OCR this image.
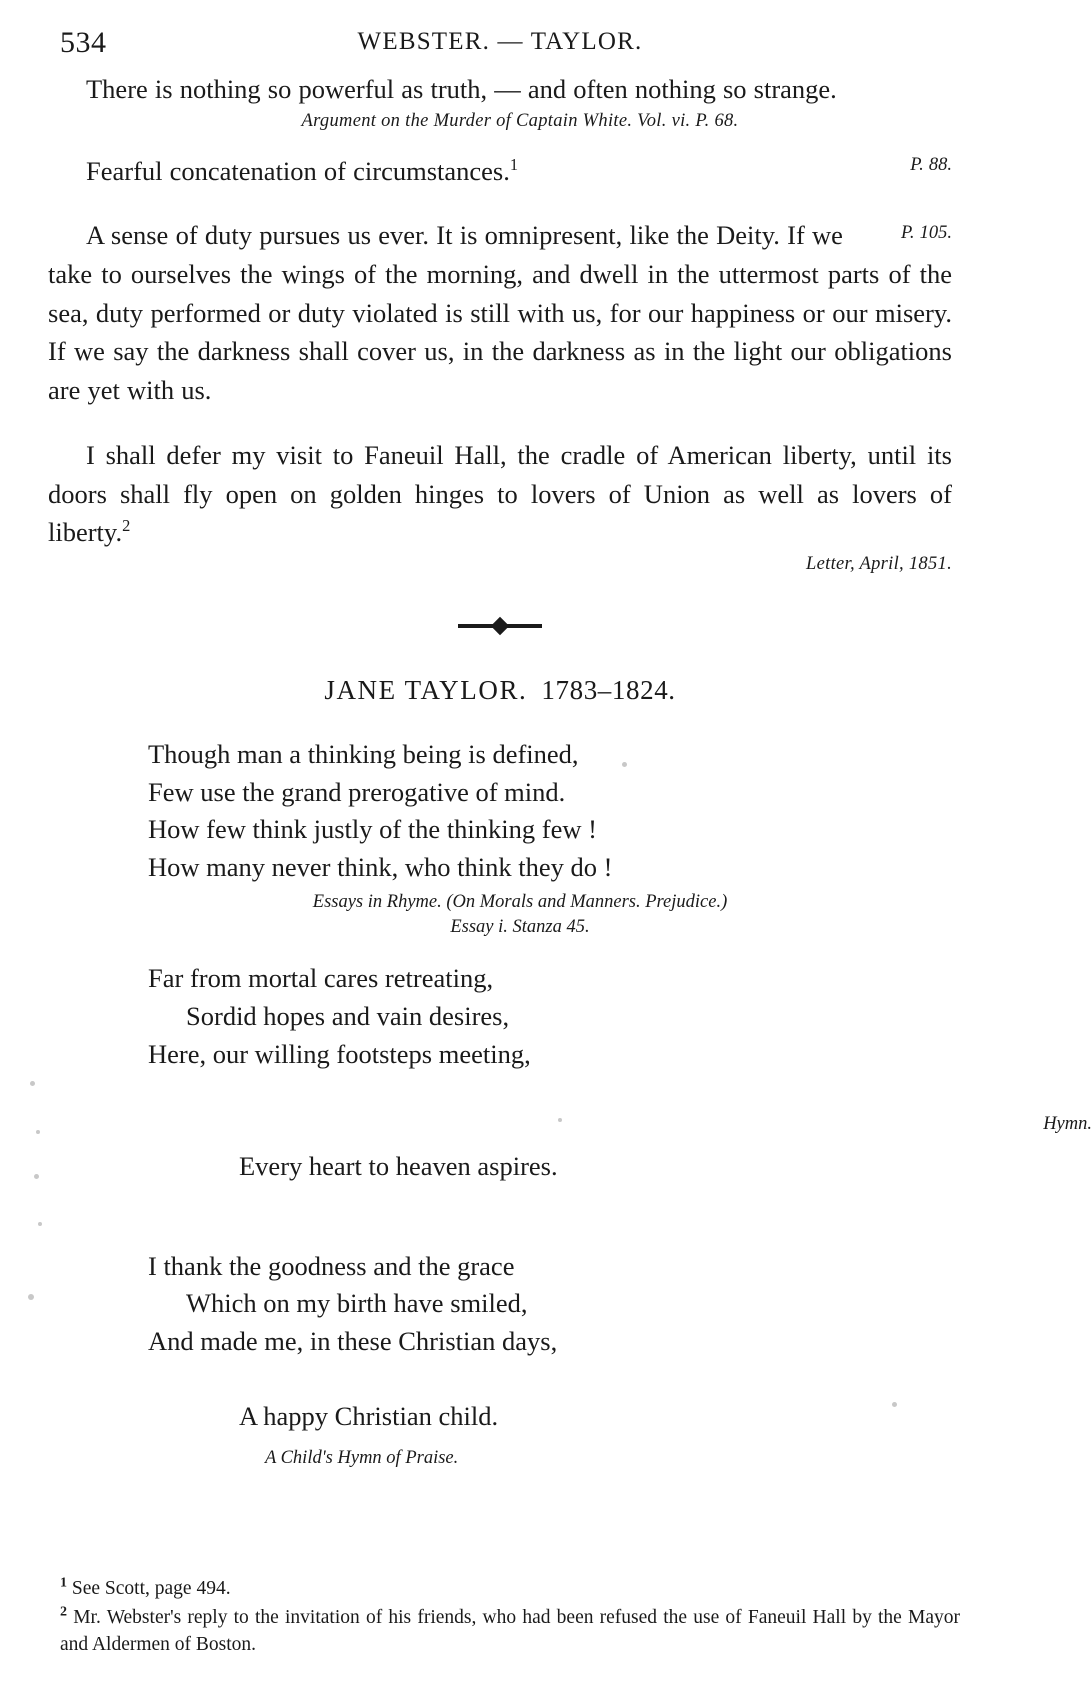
534	WEBSTER. — TAYLOR.
There is nothing so powerful as truth, — and often nothing so strange.
Argument on the Murder of Captain White. Vol. vi. P. 68.
P. 88.
Fearful concatenation of circumstances.$^1$
P. 105.
A sense of duty pursues us ever. It is omnipresent, like the Deity. If we take to ourselves the wings of the morning, and dwell in the uttermost parts of the sea, duty performed or duty violated is still with us, for our happiness or our misery. If we say the darkness shall cover us, in the darkness as in the light our obligations are yet with us.
I shall defer my visit to Faneuil Hall, the cradle of American liberty, until its doors shall fly open on golden hinges to lovers of Union as well as lovers of liberty.$^2$
Letter, April, 1851.
JANE TAYLOR. 1783–1824.
Though man a thinking being is defined,
Few use the grand prerogative of mind.
How few think justly of the thinking few !
How many never think, who think they do !
Essays in Rhyme. (On Morals and Manners. Prejudice.)
Essay i. Stanza 45.
Far from mortal cares retreating,
Sordid hopes and vain desires,
Here, our willing footsteps meeting,

Hymn.

Every heart to heaven aspires.

I thank the goodness and the grace
Which on my birth have smiled,
And made me, in these Christian days,

A happy Christian child.
A Child's Hymn of Praise.

$^1$ See Scott, page 494.
$^2$ Mr. Webster's reply to the invitation of his friends, who had been refused the use of Faneuil Hall by the Mayor and Aldermen of Boston.
